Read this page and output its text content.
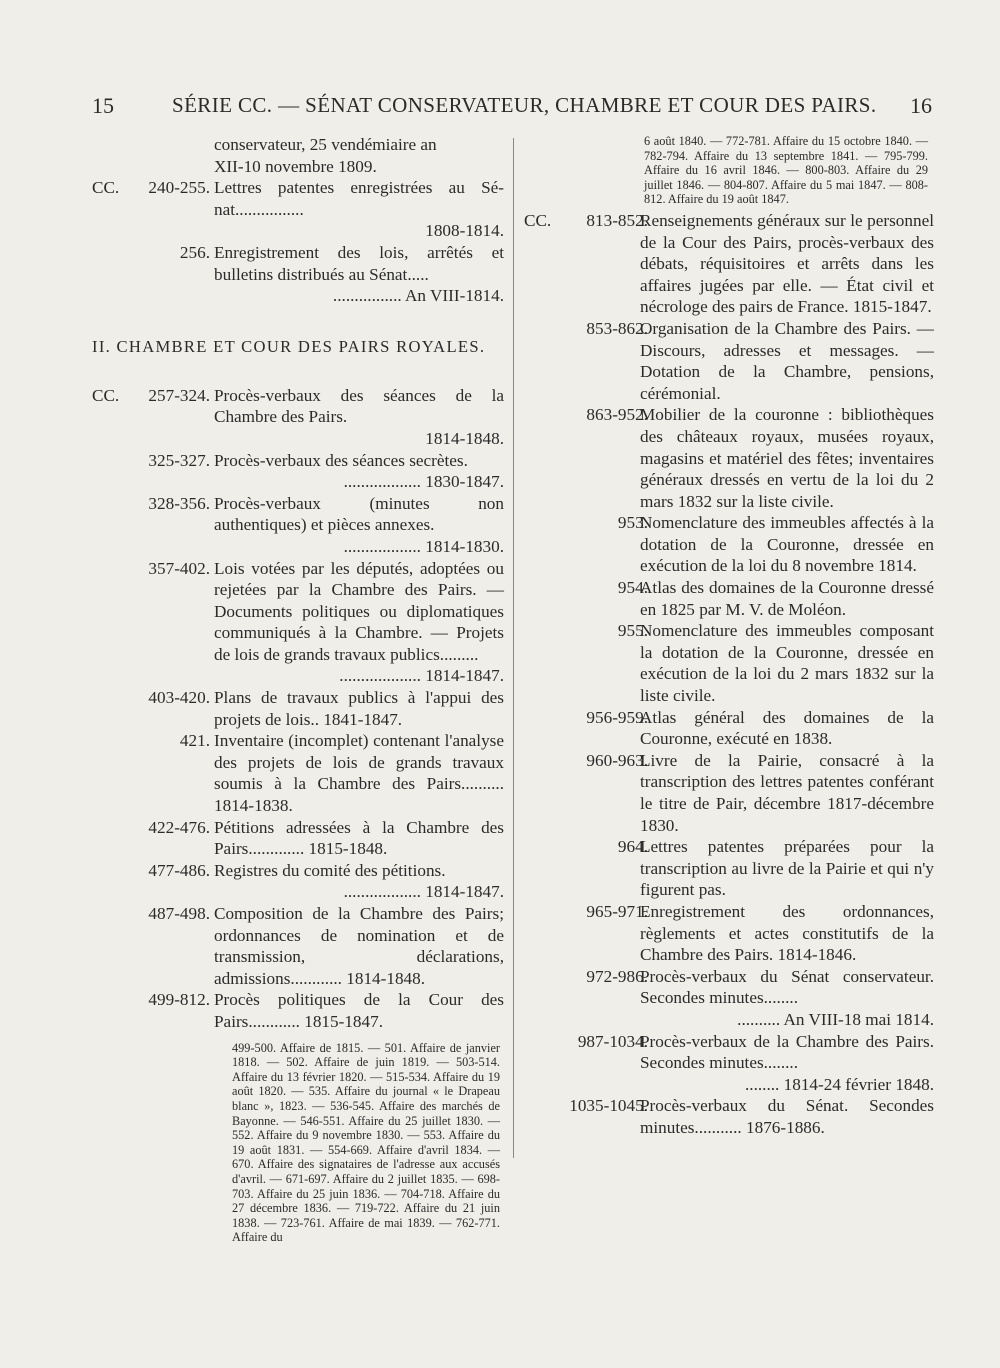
15	SÉRIE CC. — SÉNAT CONSERVATEUR, CHAMBRE ET COUR DES PAIRS. 16
conservateur, 25 vendémiaire an
XII-10 novembre 1809.
CC.	240-255. Lettres patentes enregistrées au Sé-nat................
1808-1814.
256. Enregistrement des lois, arrêtés et bulletins distribués au Sénat.....
................ An VIII-1814.
II. CHAMBRE ET COUR DES PAIRS ROYALES.
CC.	257-324. Procès-verbaux des séances de la Chambre des Pairs.
1814-1848.
325-327. Procès-verbaux des séances secrètes.
.................. 1830-1847.
328-356. Procès-verbaux (minutes non authentiques) et pièces annexes.
.................. 1814-1830.
357-402. Lois votées par les députés, adoptées ou rejetées par la Chambre des Pairs. — Documents politiques ou diplomatiques communiqués à la Chambre. — Projets de lois de grands travaux publics.........
................... 1814-1847.
403-420. Plans de travaux publics à l'appui des projets de lois.. 1841-1847.
421. Inventaire (incomplet) contenant l'analyse des projets de lois de grands travaux soumis à la Chambre des Pairs.......... 1814-1838.
422-476. Pétitions adressées à la Chambre des Pairs............. 1815-1848.
477-486. Registres du comité des pétitions.
.................. 1814-1847.
487-498. Composition de la Chambre des Pairs; ordonnances de nomination et de transmission, déclarations, admissions............ 1814-1848.
499-812. Procès politiques de la Cour des Pairs............ 1815-1847.
499-500. Affaire de 1815. — 501. Affaire de janvier 1818. — 502. Affaire de juin 1819. — 503-514. Affaire du 13 février 1820. — 515-534. Affaire du 19 août 1820. — 535. Affaire du journal « le Drapeau blanc », 1823. — 536-545. Affaire des marchés de Bayonne. — 546-551. Affaire du 25 juillet 1830. — 552. Affaire du 9 novembre 1830. — 553. Affaire du 19 août 1831. — 554-669. Affaire d'avril 1834. — 670. Affaire des signataires de l'adresse aux accusés d'avril. — 671-697. Affaire du 2 juillet 1835. — 698-703. Affaire du 25 juin 1836. — 704-718. Affaire du 27 décembre 1836. — 719-722. Affaire du 21 juin 1838. — 723-761. Affaire de mai 1839. — 762-771. Affaire du
6 août 1840. — 772-781. Affaire du 15 octobre 1840. — 782-794. Affaire du 13 septembre 1841. — 795-799. Affaire du 16 avril 1846. — 800-803. Affaire du 29 juillet 1846. — 804-807. Affaire du 5 mai 1847. — 808-812. Affaire du 19 août 1847.
CC.	813-852.
Renseignements généraux sur le personnel de la Cour des Pairs, procès-verbaux des débats, réquisitoires et arrêts dans les affaires jugées par elle. — État civil et nécrologe des pairs de France. 1815-1847.
853-862.
Organisation de la Chambre des Pairs. — Discours, adresses et messages. — Dotation de la Chambre, pensions, cérémonial.
863-952.
Mobilier de la couronne : bibliothèques des châteaux royaux, musées royaux, magasins et matériel des fêtes; inventaires généraux dressés en vertu de la loi du 2 mars 1832 sur la liste civile.
953.
Nomenclature des immeubles affectés à la dotation de la Couronne, dressée en exécution de la loi du 8 novembre 1814.
954.
Atlas des domaines de la Couronne dressé en 1825 par M. V. de Moléon.
955.
Nomenclature des immeubles composant la dotation de la Couronne, dressée en exécution de la loi du 2 mars 1832 sur la liste civile.
956-959.
Atlas général des domaines de la Couronne, exécuté en 1838.
960-963.
Livre de la Pairie, consacré à la transcription des lettres patentes conférant le titre de Pair, décembre 1817-décembre 1830.
964.
Lettres patentes préparées pour la transcription au livre de la Pairie et qui n'y figurent pas.
965-971.
Enregistrement des ordonnances, règlements et actes constitutifs de la Chambre des Pairs. 1814-1846.
972-986.
Procès-verbaux du Sénat conservateur. Secondes minutes........
.......... An VIII-18 mai 1814.
987-1034.
Procès-verbaux de la Chambre des Pairs. Secondes minutes........
........ 1814-24 février 1848.
1035-1045.
Procès-verbaux du Sénat. Secondes minutes........... 1876-1886.
